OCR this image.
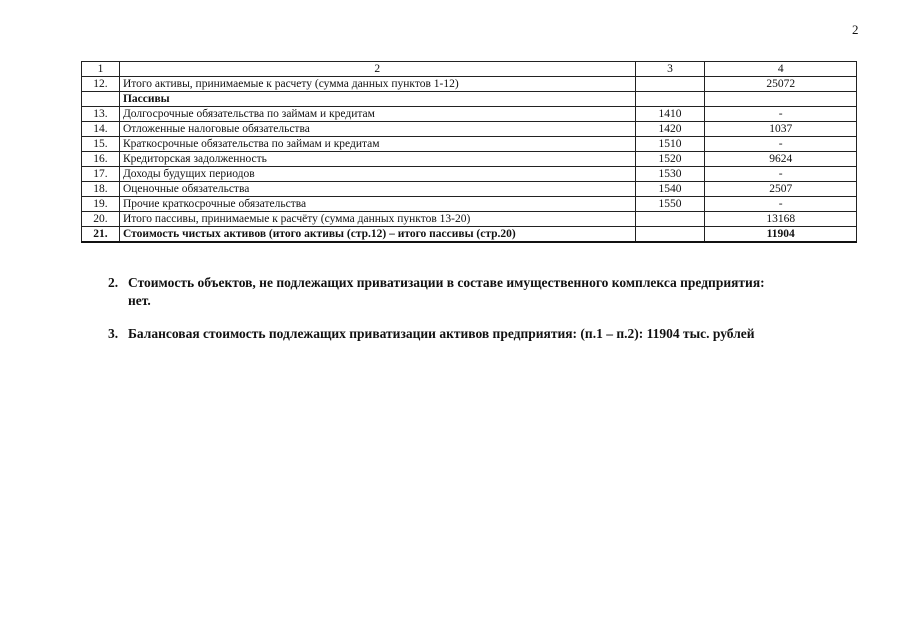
2
1	2	3	4
12.	Итого активы, принимаемые к расчету (сумма данных пунктов 1-12)		25072
	Пассивы		
13.	Долгосрочные обязательства по займам и кредитам	1410	-
14.	Отложенные налоговые обязательства	1420	1037
15.	Краткосрочные обязательства по займам и кредитам	1510	-
16.	Кредиторская задолженность	1520	9624
17.	Доходы будущих периодов	1530	-
18.	Оценочные обязательства	1540	2507
19.	Прочие краткосрочные обязательства	1550	-
20.	Итого пассивы, принимаемые к расчёту (сумма данных пунктов 13-20)		13168
21.	Стоимость чистых активов (итого активы (стр.12) – итого пассивы (стр.20)		11904
2. Стоимость объектов, не подлежащих приватизации в составе имущественного комплекса предприятия:
нет.
3. Балансовая стоимость подлежащих приватизации активов предприятия: (п.1 – п.2): 11904 тыс. рублей
